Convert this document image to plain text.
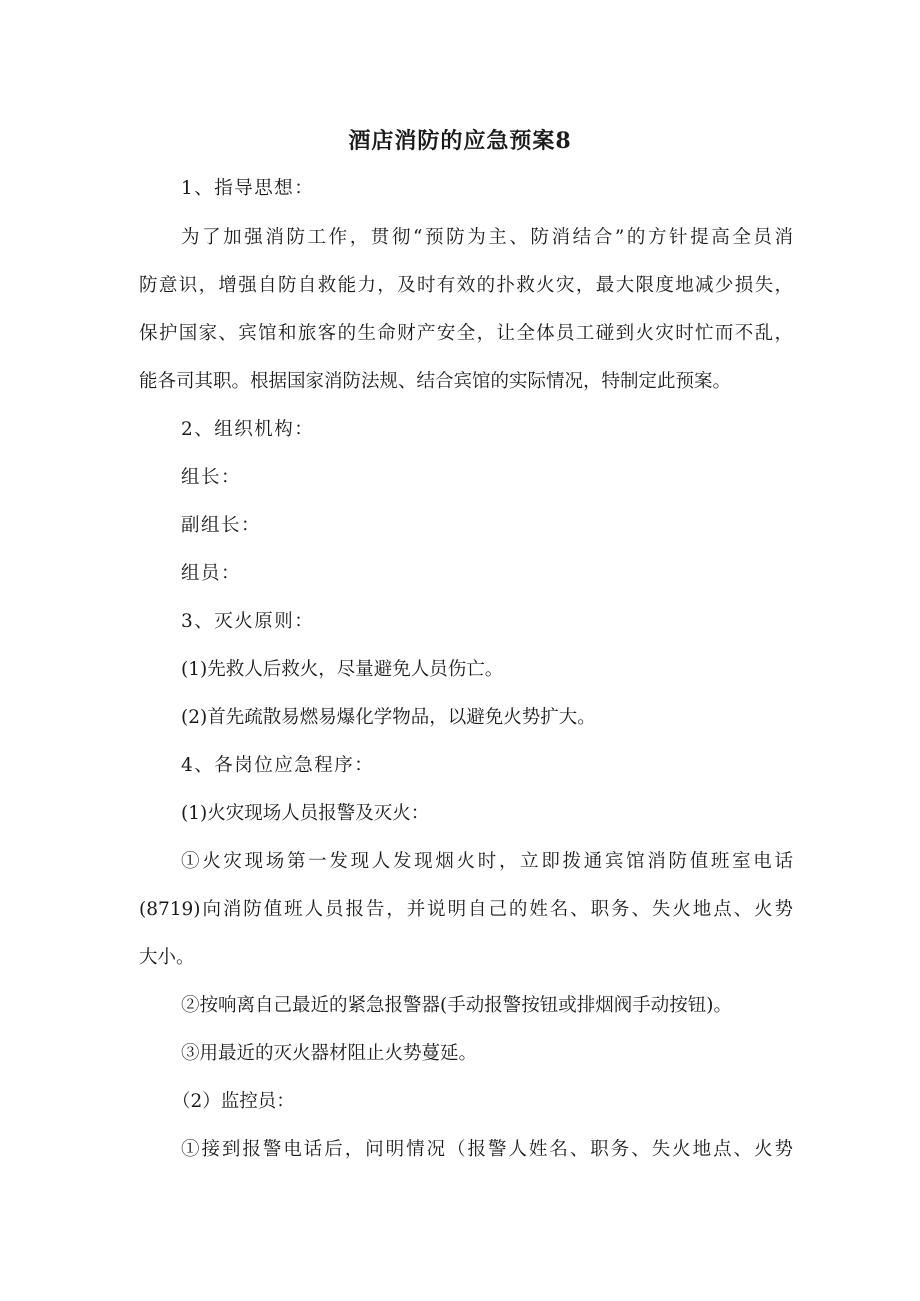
酒店消防的应急预案8
1、指导思想：
为了加强消防工作，贯彻“预防为主、防消结合”的方针提高全员消
防意识，增强自防自救能力，及时有效的扑救火灾，最大限度地减少损失，
保护国家、宾馆和旅客的生命财产安全，让全体员工碰到火灾时忙而不乱，
能各司其职。根据国家消防法规、结合宾馆的实际情况，特制定此预案。
2、组织机构：
组长：
副组长：
组员：
3、灭火原则：
(1)先救人后救火，尽量避免人员伤亡。
(2)首先疏散易燃易爆化学物品，以避免火势扩大。
4、各岗位应急程序：
(1)火灾现场人员报警及灭火：
①火灾现场第一发现人发现烟火时，立即拨通宾馆消防值班室电话
(8719)向消防值班人员报告，并说明自己的姓名、职务、失火地点、火势
大小。
②按响离自己最近的紧急报警器(手动报警按钮或排烟阀手动按钮)。
③用最近的灭火器材阻止火势蔓延。
（2）监控员：
①接到报警电话后，问明情况（报警人姓名、职务、失火地点、火势
